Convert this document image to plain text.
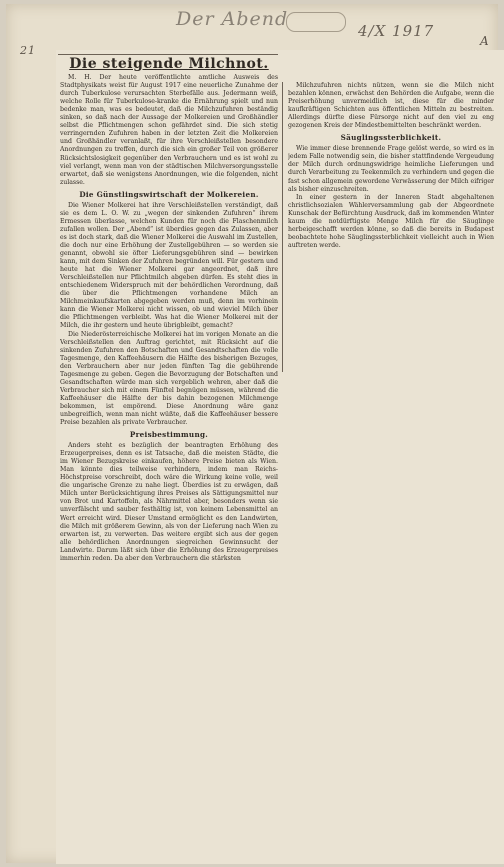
Der Abend
4/X 1917
21
A
Die steigende Milchnot.

M. H. Der heute veröffentlichte amtliche Ausweis des Stadtphysikats weist für August 1917 eine neuerliche Zunahme der durch Tuberkulose verursachten Sterbefälle aus. Jedermann weiß, welche Rolle für Tuberkulose-kranke die Ernährung spielt und nun bedenke man, was es bedeutet, daß die Milchzufuhren beständig sinken, so daß nach der Aussage der Molkereien und Großhändler selbst die Pflichtmengen schon gefährdet sind. Die sich stetig verringernden Zufuhren haben in der letzten Zeit die Molkereien und Großhändler veranlaßt, für ihre Verschleißstellen besondere Anordnungen zu treffen, durch die sich ein großer Teil von größerer Rücksichtslosigkeit gegenüber den Verbrauchern und es ist wohl zu viel verlangt, wenn man von der städtischen Milchversorgungsstelle erwartet, daß sie wenigstens Anordnungen, wie die folgenden, nicht zulasse.

Die Günstlingswirtschaft der Molkereien.

Die Wiener Molkerei hat ihre Verschleißstellen verständigt, daß sie es dem L. O. W. zu „wegen der sinkenden Zufuhren“ ihrem Ermessen überlasse, welchen Kunden für noch die Flaschenmilch zufallen wollen. Der „Abend“ ist überdies gegen das Zulassen, aber es ist doch stark, daß die Wiener Molkerei die Auswahl im Zustellen, die doch nur eine Erhöhung der Zustellgebühren — so werden sie genannt, obwohl sie öfter Lieferungsgebühren sind — bewirken kann, mit dem Sinken der Zufuhren begründen will. Für gestern und heute hat die Wiener Molkerei gar angeordnet, daß ihre Verschleißstellen nur Pflichtmilch abgeben dürfen. Es steht dies in entschiedenem Widerspruch mit der behördlichen Verordnung, daß die über die Pflichtmengen vorhandene Milch an Milchmeinkaufskarten abgegeben werden muß, denn im vorhinein kann die Wiener Molkerei nicht wissen, ob und wieviel Milch über die Pflichtmengen verbleibt. Was hat die Wiener Molkerei mit der Milch, die ihr gestern und heute übrigbleibt, gemacht?

Die Niederösterreichische Molkerei hat im vorigen Monate an die Verschleißstellen den Auftrag gerichtet, mit Rücksicht auf die sinkenden Zufuhren den Botschaften und Gesandtschaften die volle Tagesmenge, den Kaffeehäusern die Hälfte des bisherigen Bezuges, den Verbrauchern aber nur jeden fünften Tag die gebührende Tagesmenge zu geben. Gegen die Bevorzugung der Botschaften und Gesandtschaften würde man sich vergeblich wehren, aber daß die Verbraucher sich mit einem Fünftel begnügen müssen, während die Kaffeehäuser die Hälfte der bis dahin bezogenen Milchmenge bekommen, ist empörend. Diese Anordnung wäre ganz unbegreiflich, wenn man nicht wüßte, daß die Kaffeehäuser bessere Preise bezahlen als private Verbraucher.

Preisbestimmung.

Anders steht es bezüglich der beantragten Erhöhung des Erzeugerpreises, denn es ist Tatsache, daß die meisten Städte, die im Wiener Bezugskreise einkaufen, höhere Preise bieten als Wien. Man könnte dies teilweise verhindern, indem man Reichs-Höchstpreise vorschreibt, doch wäre die Wirkung keine volle, weil die ungarische Grenze zu nahe liegt. Überdies ist zu erwägen, daß Milch unter Berücksichtigung ihres Preises als Sättigungsmittel nur von Brot und Kartoffeln, als Nährmittel aber, besonders wenn sie unverfälscht und sauber festhältig ist, von keinem Lebensmittel an Wert erreicht wird. Dieser Umstand ermöglicht es den Landwirten, die Milch mit größerem Gewinn, als von der Lieferung nach Wien zu erwarten ist, zu verwerten. Das weitere ergibt sich aus der gegen alle behördlichen Anordnungen siegreichen Gewinnsucht der Landwirte. Darum läßt sich über die Erhöhung des Erzeugerpreises immerhin reden. Da aber den Verbrauchern die stärksten

Milchzufuhren nichts nützen, wenn sie die Milch nicht bezahlen können, erwächst den Behörden die Aufgabe, wenn die Preiserhöhung unvermeidlich ist, diese für die minder kaufkräftigen Schichten aus öffentlichen Mitteln zu bestreiten. Allerdings dürfte diese Fürsorge nicht auf den viel zu eng gezogenen Kreis der Mindestbemittelten beschränkt werden.

Säuglingssterblichkeit.

Wie immer diese brennende Frage gelöst werde, so wird es in jedem Falle notwendig sein, die bisher stattfindende Vergeudung der Milch durch ordnungswidrige heimliche Lieferungen und durch Verarbeitung zu Teekenmilch zu verhindern und gegen die fast schon allgemein gewordene Verwässerung der Milch eifriger als bisher einzuschreiten.

In einer gestern in der Inneren Stadt abgehaltenen christlichsozialen Wählerversammlung gab der Abgeordnete Kunschak der Befürchtung Ausdruck, daß im kommenden Winter kaum die notdürftigste Menge Milch für die Säuglinge herbeigeschafft werden könne, so daß die bereits in Budapest beobachtete hohe Säuglingssterblichkeit vielleicht auch in Wien auftreten werde.
